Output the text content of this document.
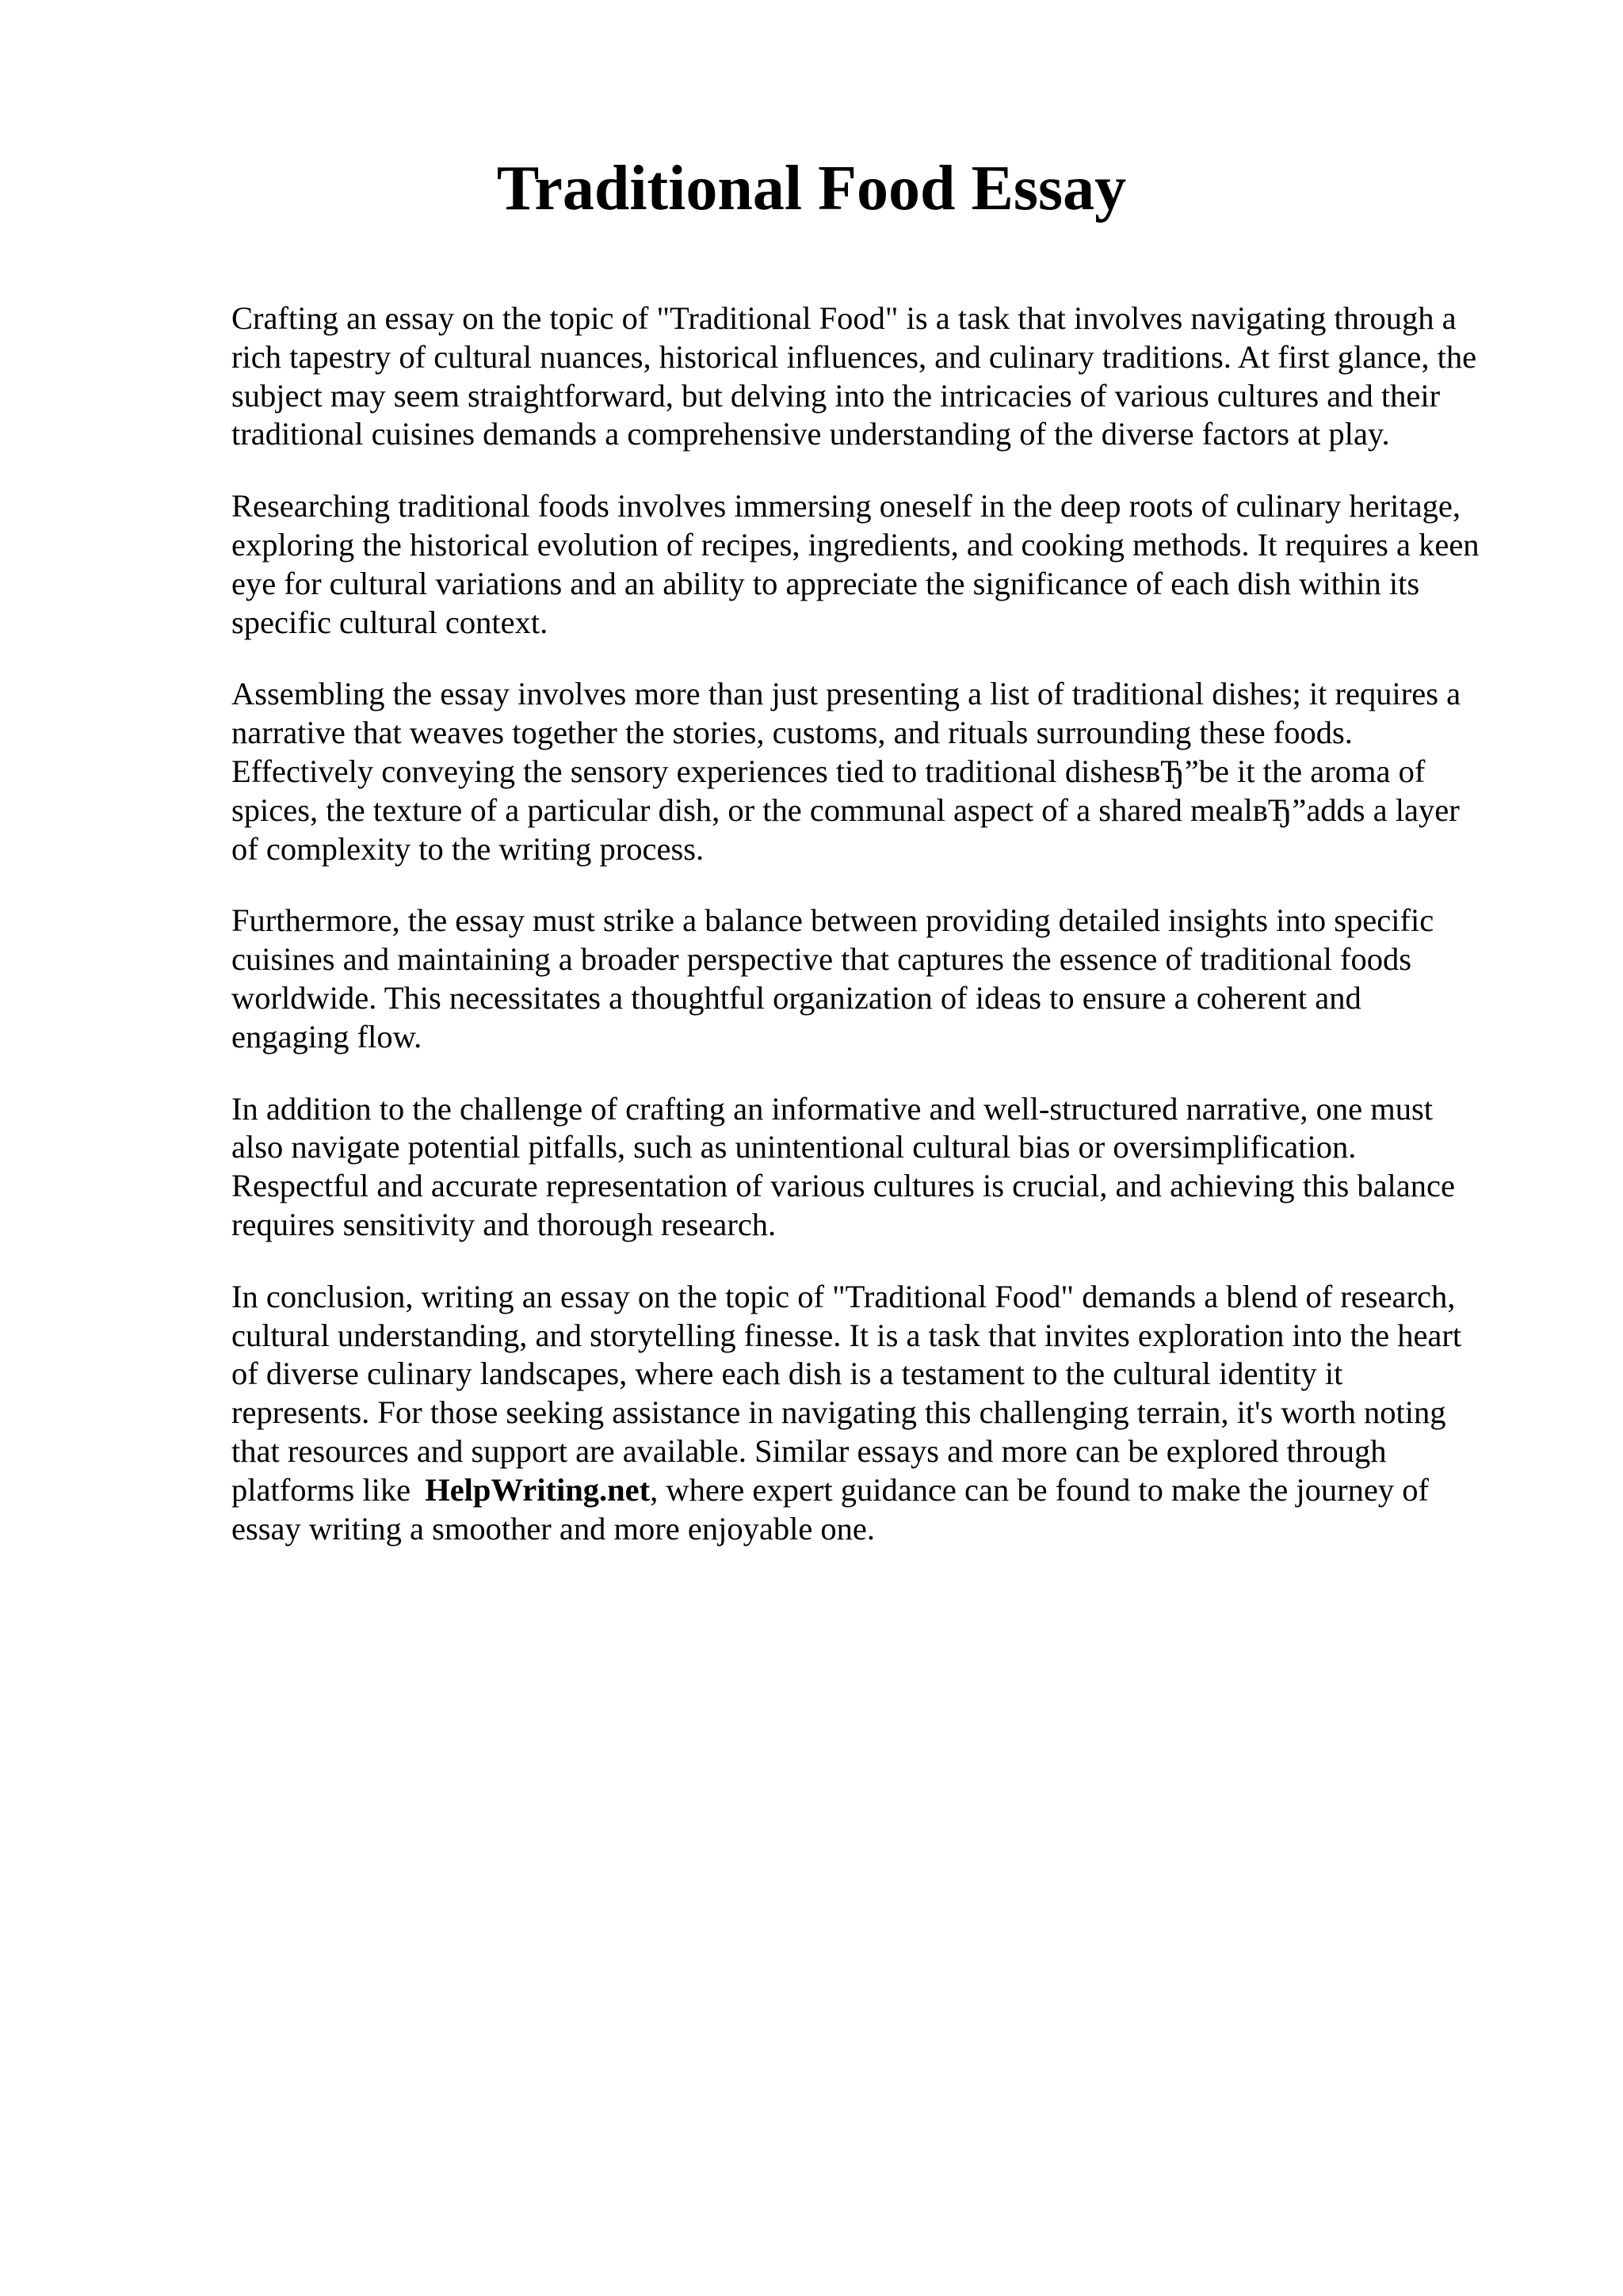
Traditional Food Essay

Crafting an essay on the topic of "Traditional Food" is a task that involves navigating through a
rich tapestry of cultural nuances, historical influences, and culinary traditions. At first glance, the
subject may seem straightforward, but delving into the intricacies of various cultures and their
traditional cuisines demands a comprehensive understanding of the diverse factors at play.

Researching traditional foods involves immersing oneself in the deep roots of culinary heritage,
exploring the historical evolution of recipes, ingredients, and cooking methods. It requires a keen
eye for cultural variations and an ability to appreciate the significance of each dish within its
specific cultural context.

Assembling the essay involves more than just presenting a list of traditional dishes; it requires a
narrative that weaves together the stories, customs, and rituals surrounding these foods.
Effectively conveying the sensory experiences tied to traditional dishesвЂ”be it the aroma of
spices, the texture of a particular dish, or the communal aspect of a shared mealвЂ”adds a layer
of complexity to the writing process.

Furthermore, the essay must strike a balance between providing detailed insights into specific
cuisines and maintaining a broader perspective that captures the essence of traditional foods
worldwide. This necessitates a thoughtful organization of ideas to ensure a coherent and
engaging flow.

In addition to the challenge of crafting an informative and well-structured narrative, one must
also navigate potential pitfalls, such as unintentional cultural bias or oversimplification.
Respectful and accurate representation of various cultures is crucial, and achieving this balance
requires sensitivity and thorough research.

In conclusion, writing an essay on the topic of "Traditional Food" demands a blend of research,
cultural understanding, and storytelling finesse. It is a task that invites exploration into the heart
of diverse culinary landscapes, where each dish is a testament to the cultural identity it
represents. For those seeking assistance in navigating this challenging terrain, it's worth noting
that resources and support are available. Similar essays and more can be explored through
platforms like HelpWriting.net, where expert guidance can be found to make the journey of
essay writing a smoother and more enjoyable one.
